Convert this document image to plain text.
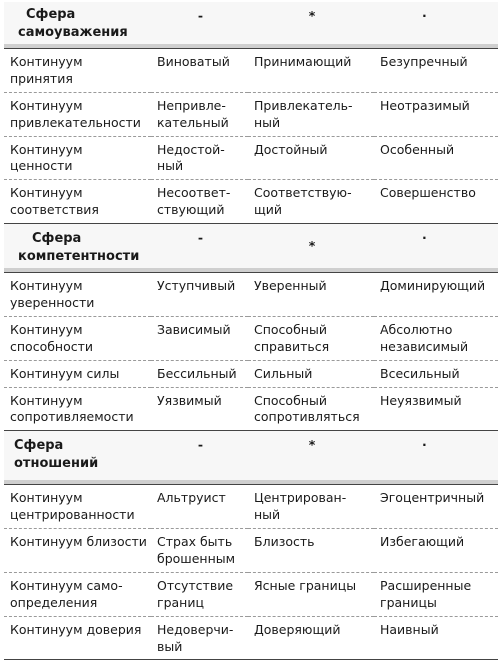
Сфера
самоуважения	-	*	·

Континуум принятия	Виноватый	Принимающий	Безупречный
Континуум привлекательности	Непривле-кательный	Привлекатель-ный	Неотразимый
Континуум ценности	Недостой-ный	Достойный	Особенный
Континуум соответствия	Несоответ-ствующий	Соответствую-щий	Совершенство

Сфера
компетентности	-	*	·

Континуум уверенности	Уступчивый	Уверенный	Доминирующий
Континуум способности	Зависимый	Способный справиться	Абсолютно независимый
Континуум силы	Бессильный	Сильный	Всесильный
Континуум сопротивляемости	Уязвимый	Способный сопротивляться	Неуязвимый

Сфера отношений	-	*	·

Континуум центрированности	Альтруист	Центрирован-ный	Эгоцентричный
Континуум близости	Страх быть брошенным	Близость	Избегающий
Континуум само-определения	Отсутствие границ	Ясные границы	Расширенные границы
Континуум доверия	Недоверчи-вый	Доверяющий	Наивный
